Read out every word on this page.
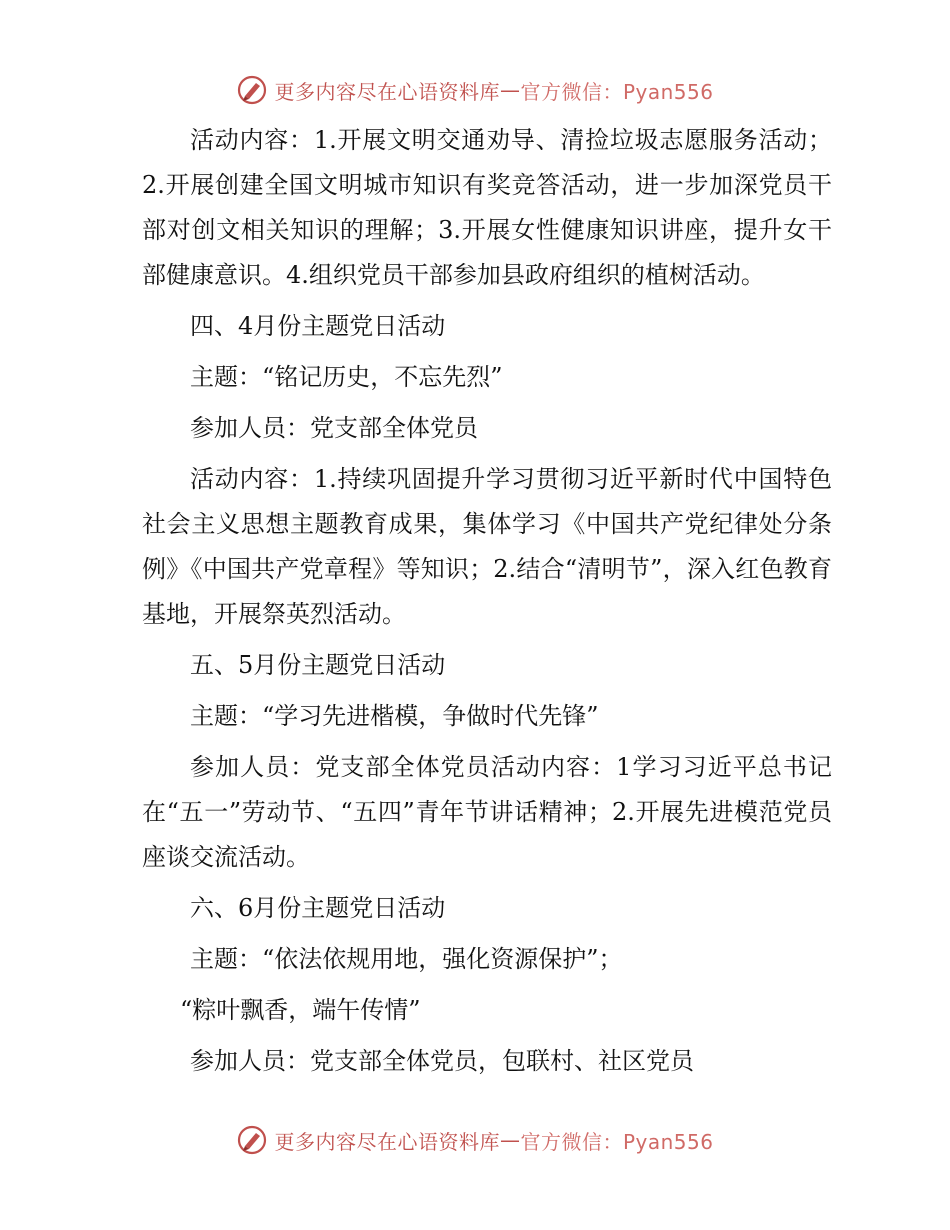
更多内容尽在心语资料库 — 官方微信：Pyan556

活动内容：1.开展文明交通劝导、清捡垃圾志愿服务活动；2.开展创建全国文明城市知识有奖竞答活动，进一步加深党员干部对创文相关知识的理解；3.开展女性健康知识讲座，提升女干部健康意识。4.组织党员干部参加县政府组织的植树活动。

四、4月份主题党日活动

主题：“铭记历史，不忘先烈”

参加人员：党支部全体党员

活动内容：1.持续巩固提升学习贯彻习近平新时代中国特色社会主义思想主题教育成果，集体学习《中国共产党纪律处分条例》《中国共产党章程》等知识；2.结合“清明节”，深入红色教育基地，开展祭英烈活动。

五、5月份主题党日活动

主题：“学习先进楷模，争做时代先锋”

参加人员：党支部全体党员活动内容：1学习习近平总书记在“五一”劳动节、“五四”青年节讲话精神；2.开展先进模范党员座谈交流活动。

六、6月份主题党日活动

主题：“依法依规用地，强化资源保护”；

“粽叶飘香，端午传情”

参加人员：党支部全体党员，包联村、社区党员

更多内容尽在心语资料库 — 官方微信：Pyan556
